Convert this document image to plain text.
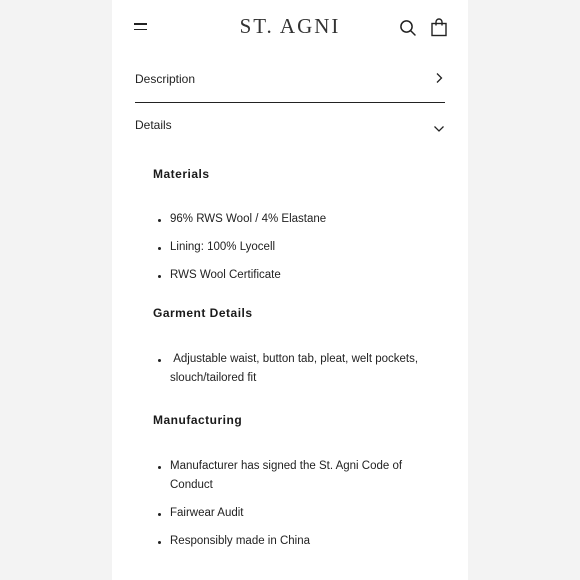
ST. AGNI
Description
Details
Materials
96% RWS Wool / 4% Elastane
Lining: 100% Lyocell
RWS Wool Certificate
Garment Details
Adjustable waist, button tab, pleat, welt pockets, slouch/tailored fit
Manufacturing
Manufacturer has signed the St. Agni Code of Conduct
Fairwear Audit
Responsibly made in China
